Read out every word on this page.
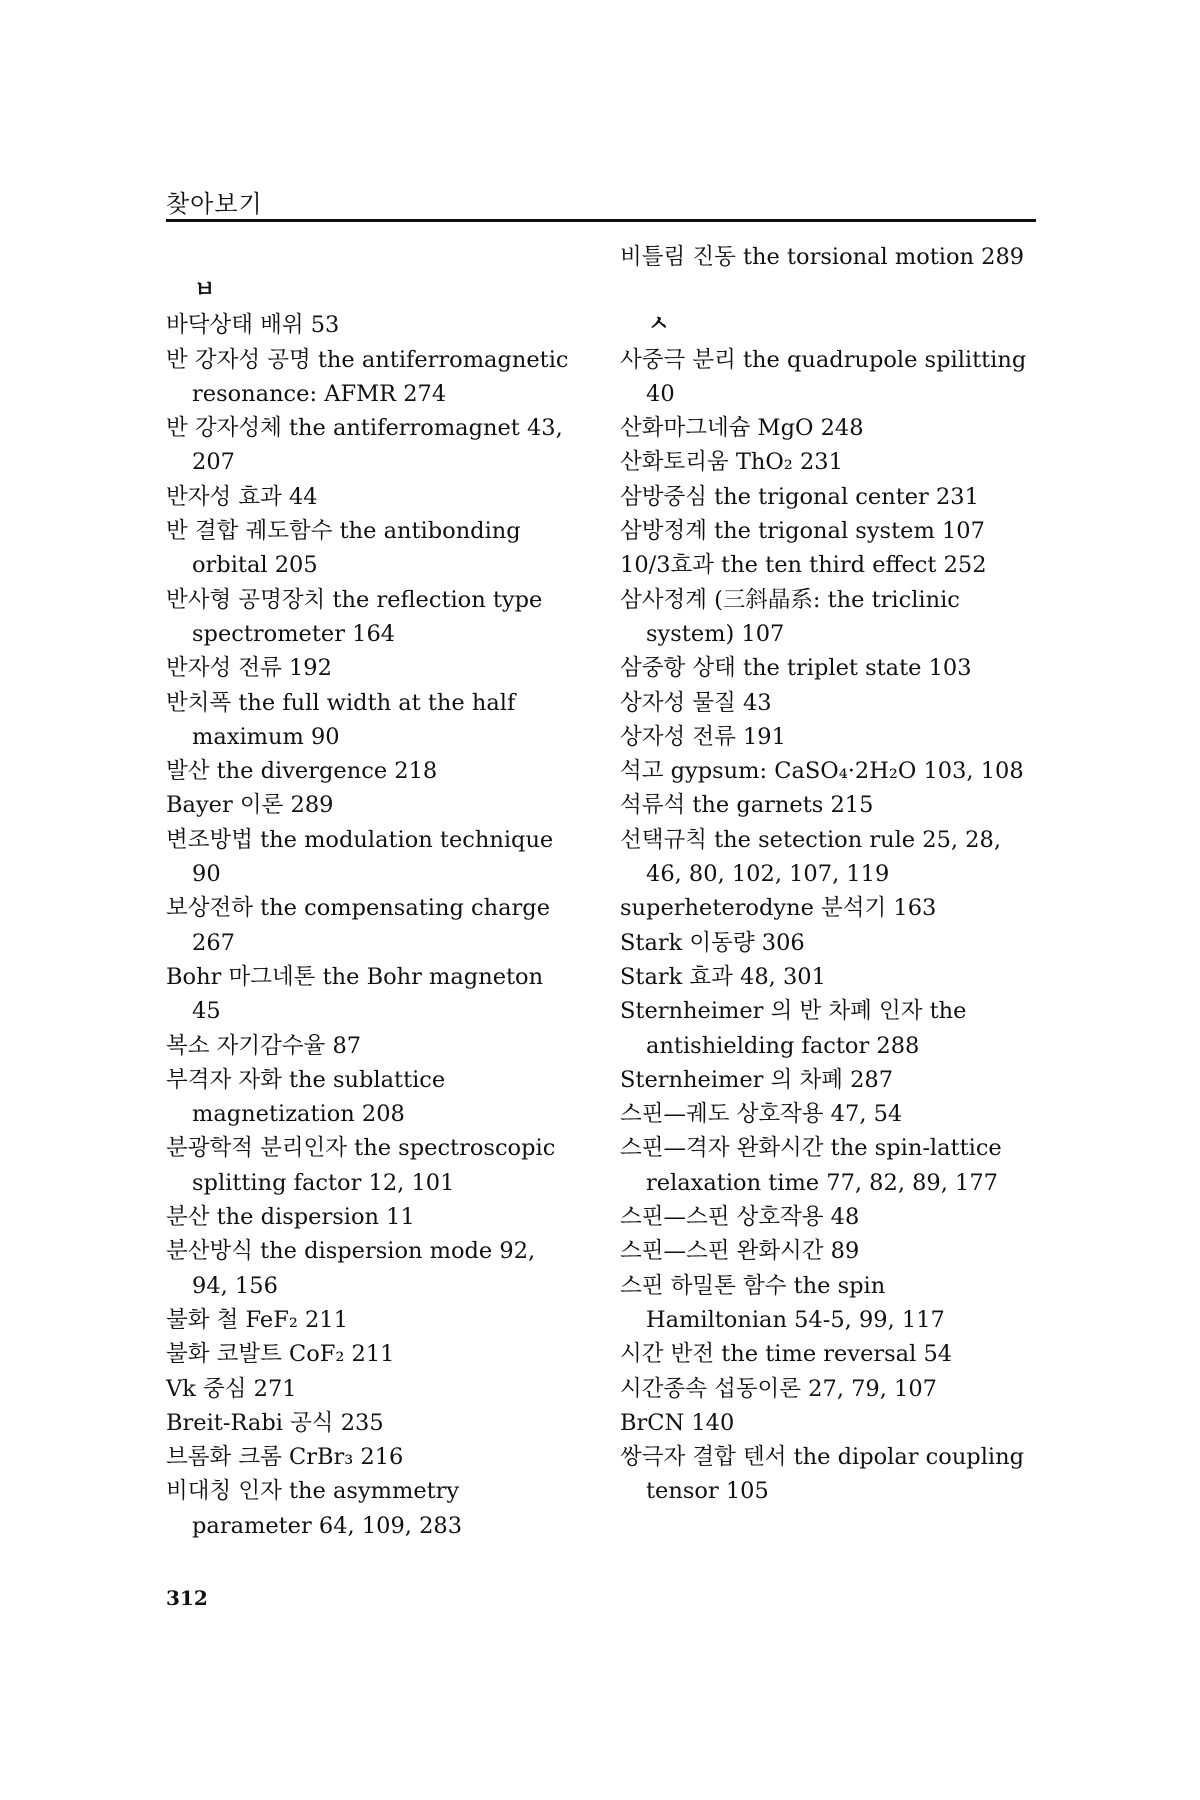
찾아보기
ㅂ
바닥상태 배위 53
반 강자성 공명 the antiferromagnetic resonance: AFMR 274
반 강자성체 the antiferromagnet 43, 207
반자성 효과 44
반 결합 궤도함수 the antibonding orbital 205
반사형 공명장치 the reflection type spectrometer 164
반자성 전류 192
반치폭 the full width at the half maximum 90
발산 the divergence 218
Bayer 이론 289
변조방법 the modulation technique 90
보상전하 the compensating charge 267
Bohr 마그네톤 the Bohr magneton 45
복소 자기감수율 87
부격자 자화 the sublattice magnetization 208
분광학적 분리인자 the spectroscopic splitting factor 12, 101
분산 the dispersion 11
분산방식 the dispersion mode 92, 94, 156
불화 철 FeF₂ 211
불화 코발트 CoF₂ 211
Vk 중심 271
Breit-Rabi 공식 235
브롬화 크롬 CrBr₃ 216
비대칭 인자 the asymmetry parameter 64, 109, 283
비틀림 진동 the torsional motion 289
ㅅ
사중극 분리 the quadrupole spilitting 40
산화마그네슘 MgO 248
산화토리움 ThO₂ 231
삼방중심 the trigonal center 231
삼방정계 the trigonal system 107
10/3효과 the ten third effect 252
삼사정계 (三斜晶系: the triclinic system) 107
삼중항 상태 the triplet state 103
상자성 물질 43
상자성 전류 191
석고 gypsum: CaSO₄·2H₂O 103, 108
석류석 the garnets 215
선택규칙 the setection rule 25, 28, 46, 80, 102, 107, 119
superheterodyne 분석기 163
Stark 이동량 306
Stark 효과 48, 301
Sternheimer 의 반 차폐 인자 the antishielding factor 288
Sternheimer 의 차폐 287
스핀—궤도 상호작용 47, 54
스핀—격자 완화시간 the spin-lattice relaxation time 77, 82, 89, 177
스핀—스핀 상호작용 48
스핀—스핀 완화시간 89
스핀 하밀톤 함수 the spin Hamiltonian 54-5, 99, 117
시간 반전 the time reversal 54
시간종속 섭동이론 27, 79, 107
BrCN 140
쌍극자 결합 텐서 the dipolar coupling tensor 105
312
